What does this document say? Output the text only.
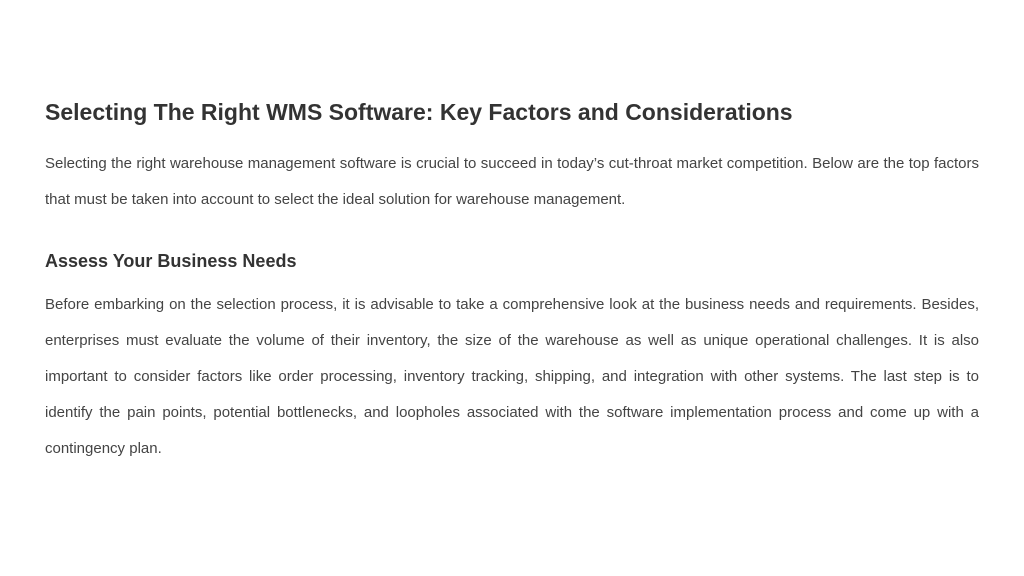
Selecting The Right WMS Software: Key Factors and Considerations

Selecting the right warehouse management software is crucial to succeed in today’s cut-throat market competition. Below are the top factors that must be taken into account to select the ideal solution for warehouse management.

Assess Your Business Needs

Before embarking on the selection process, it is advisable to take a comprehensive look at the business needs and requirements. Besides, enterprises must evaluate the volume of their inventory, the size of the warehouse as well as unique operational challenges. It is also important to consider factors like order processing, inventory tracking, shipping, and integration with other systems. The last step is to identify the pain points, potential bottlenecks, and loopholes associated with the software implementation process and come up with a contingency plan.
